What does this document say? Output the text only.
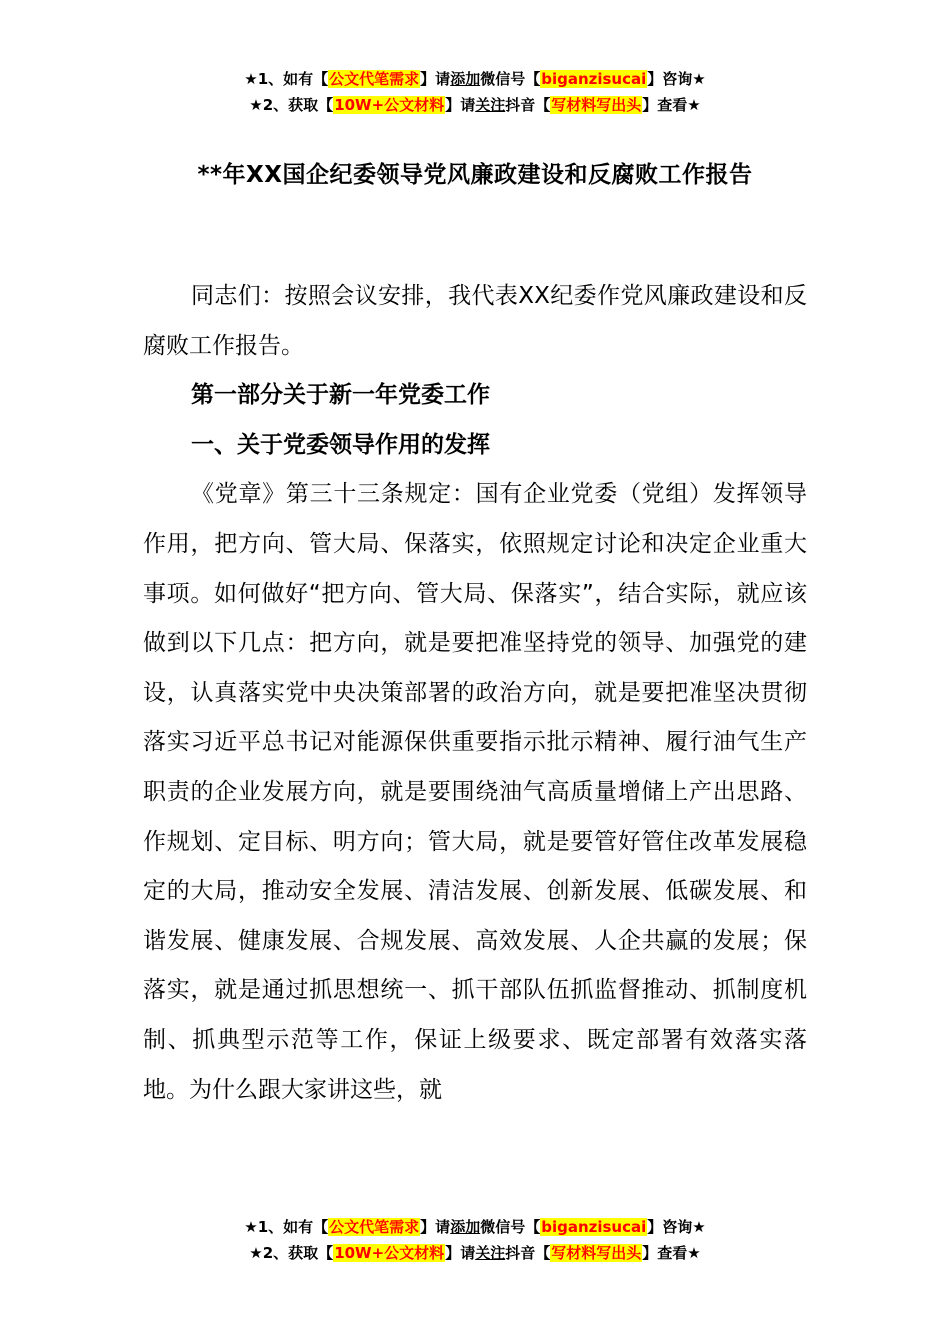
★1、如有【公文代笔需求】请添加微信号【biganzisucai】咨询★
★2、获取【10W+公文材料】请关注抖音【写材料写出头】查看★
**年XX国企纪委领导党风廉政建设和反腐败工作报告

同志们：按照会议安排，我代表XX纪委作党风廉政建设和反腐败工作报告。

第一部分关于新一年党委工作

一、关于党委领导作用的发挥

《党章》第三十三条规定：国有企业党委（党组）发挥领导作用，把方向、管大局、保落实，依照规定讨论和决定企业重大事项。如何做好“把方向、管大局、保落实”，结合实际，就应该做到以下几点：把方向，就是要把准坚持党的领导、加强党的建设，认真落实党中央决策部署的政治方向，就是要把准坚决贯彻落实习近平总书记对能源保供重要指示批示精神、履行油气生产职责的企业发展方向，就是要围绕油气高质量增储上产出思路、作规划、定目标、明方向；管大局，就是要管好管住改革发展稳定的大局，推动安全发展、清洁发展、创新发展、低碳发展、和谐发展、健康发展、合规发展、高效发展、人企共赢的发展；保落实，就是通过抓思想统一、抓干部队伍抓监督推动、抓制度机制、抓典型示范等工作，保证上级要求、既定部署有效落实落地。为什么跟大家讲这些，就

★1、如有【公文代笔需求】请添加微信号【biganzisucai】咨询★
★2、获取【10W+公文材料】请关注抖音【写材料写出头】查看★
